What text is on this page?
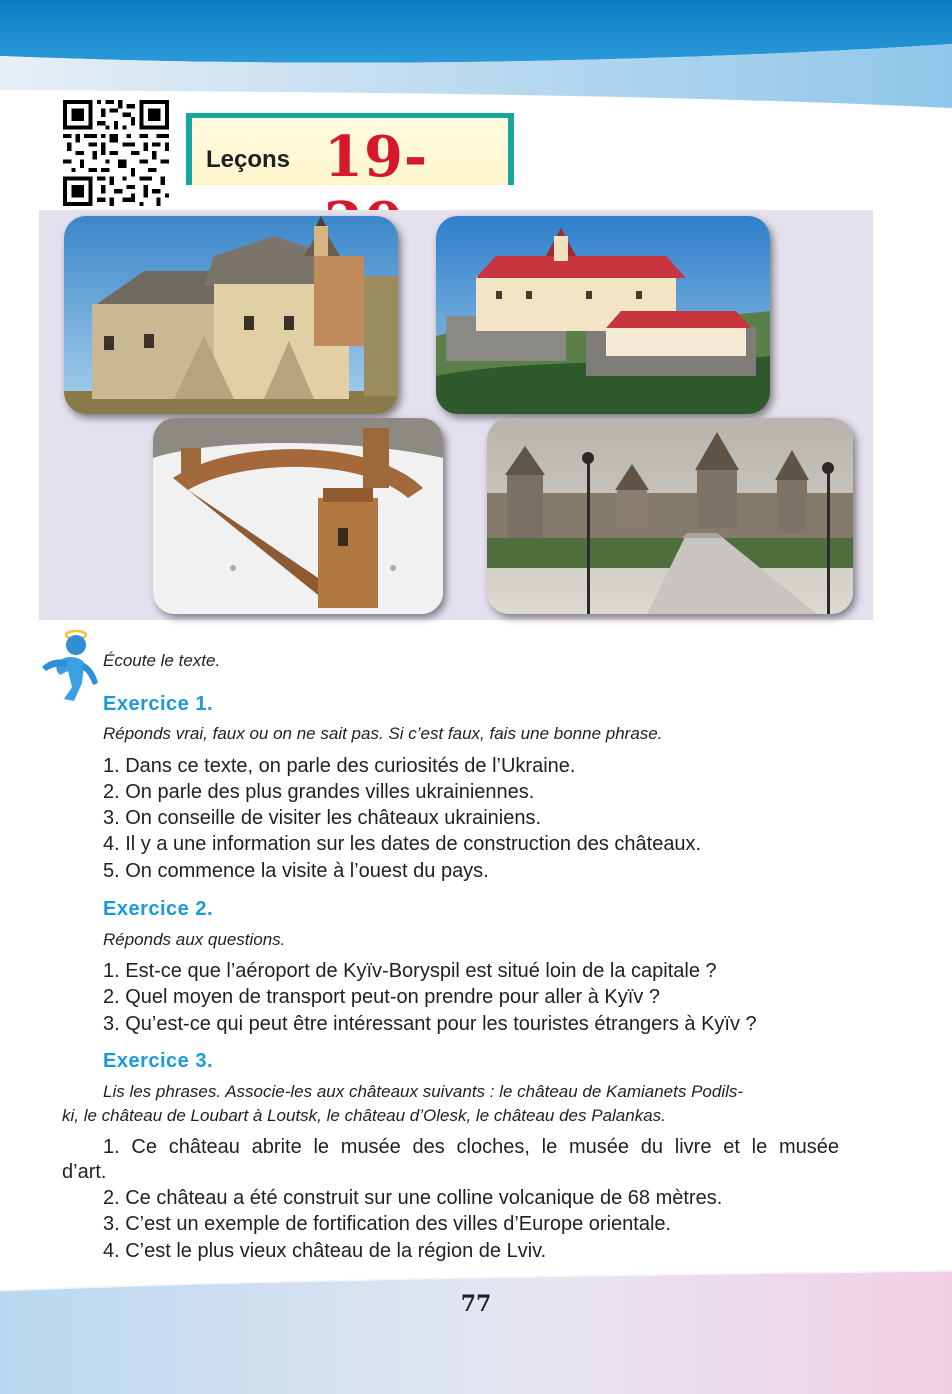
Leçons 19-
Écoute le texte.
Exercice 1.
Réponds vrai, faux ou on ne sait pas. Si c’est faux, fais une bonne phrase.
1. Dans ce texte, on parle des curiosités de l’Ukraine.
2. On parle des plus grandes villes ukrainiennes.
3. On conseille de visiter les châteaux ukrainiens.
4. Il y a une information sur les dates de construction des châteaux.
5. On commence la visite à l’ouest du pays.
Exercice 2.
Réponds aux questions.
1. Est-ce que l’aéroport de Kyïv-Boryspil est situé loin de la capitale ?
2. Quel moyen de transport peut-on prendre pour aller à Kyïv ?
3. Qu’est-ce qui peut être intéressant pour les touristes étrangers à Kyïv ?
Exercice 3.
Lis les phrases. Associe-les aux châteaux suivants : le château de Kamianets Podils-
ki, le château de Loubart à Loutsk, le château d’Olesk, le château des Palankas.
1. Ce château abrite le musée des cloches, le musée du livre et le musée
d’art.
2. Ce château a été construit sur une colline volcanique de 68 mètres.
3. C’est un exemple de fortification des villes d’Europe orientale.
4. C’est le plus vieux château de la région de Lviv.
77
